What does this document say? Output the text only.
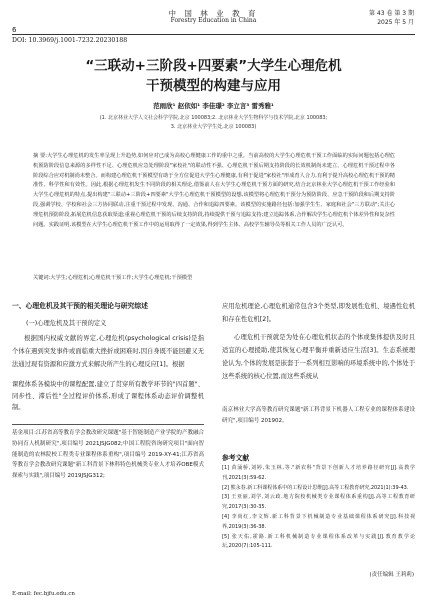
6
中 国 林 业 教 育
Forestry Education in China
第 43 卷 第 3 期
2025 年 5 月
DOI: 10.3969/j.1001-7232.20230188
“三联动+三阶段+四要素”大学生心理危机
干预模型的构建与应用
范雨欣¹ 赵依如¹ 李佳璟² 李立言³ 雷秀雅¹
(1. 北京林业大学人文社会科学学院,北京 100083;2. 北京林业大学生物科学与技术学院,北京 100083;
3. 北京林业大学学生处,北京 100083)
摘 要:大学生心理危机的发生率呈现上升趋势,如何应对已成为高校心理健康工作的重中之重。当前高校的大学生心理危机干预工作面临的实际问题包括心理危机预防阶段信息来源的多样性不足、心理危机应急处理阶段"家校社"的联动性不强、心理危机干预后期支持阶段的长效机制尚未建立、心理危机干预过程中各阶段综合应对机制尚未整合。而构建心理危机干预模型有助于全方位促进大学生心理健康,有利于促进"家校社"形成育人合力,有利于提升高校心理危机干预的精准性、科学性和有效性。因此,根据心理危机发生不同阶段的相关理论,借鉴前人在大学生心理危机干预方面的研究,结合北京林业大学心理危机干预工作经验和大学生心理危机的特点,提出构建"三联动+三阶段+四要素"大学生心理危机干预模型的设想,该模型将心理危机干预分为预防阶段、应急干预阶段和后期支持阶段,强调学校、学校和社会三方协同联动,注重干预过程中发现、沟通、合作和追踪四要素。该模型的实施路径包括:加强学生生、家庭和社会"三方联动";关注心理危机预防阶段,拓展危机信息获取渠道;重视心理危机干预的后续支持阶段,持续提供干预与追踪支持;建立追踪体系,合作解决学生心理危机个体差异性和复杂性问题。实践证明,该模型在大学生心理危机干预工作中的运用取得了一定效果,得到学生主体、高校学生辅导员等相关工作人员的广泛认可。
关键词:大学生;心理危机;心理危机干预工作;大学生心理危机;干预模型
一、心理危机及其干预的相关理论与研究综述
(一)心理危机及其干预的定义
根据国内权威文献的界定,心理危机(psychological crisis)是指个体在遇到突发事件或面临重大挫折或困难时,因自身既不能回避又无法通过现有资源和应激方式来解决所产生的心理反应[1]。根据
应用危机理论,心理危机通常包含3个类型,即发展性危机、境遇性危机和存在性危机[2]。
心理危机干预就是为处在心理危机状态的个体或集体提供及时且适宜的心理援助,使其恢复心理平衡并重新适应生活[3]。生态系统理论认为,个体的发展是嵌套于一系列相互影响的环境系统中的,个体处于这些系统的核心位置,而这些系统从
课程体系各模块中的课程配置,建立了贯穿所有教学环节的"四首题"、同步性、滞后性"全过程评价体系,形成了课程体系动态评价调整机制。
基金项目:江苏省高等教育学会教改研究课题"基于智能制造产业学院的产教融合协同育人机制研究",项目编号 2021JSJG082;中国工程院咨询研究项目"面向智能制造的农林院校工程类专业课程体系重构",项目编号 2019-XY-41;江苏省高等教育学会教改研究课题"新工科背景下林科特色机械类专业人才培养OBE模式探索与实践",项目编号 2019JSJG312;
E-mail: fec.bjfu.edu.cn
南京林业大学高等教育研究课题"新工科背景下机器人工程专业的课程体系建设研究",项目编号 201902。
参考文献

[1] 苗涌桥,刘婷,朱玉林,等."新农科"背景下创新人才培养路径研究[J].高教学刊,2021(3):59-62.

[2] 熊永春.新工科课程体系中的工程设计思维[J].高等工程教育研究,2021(1):39-43.

[3] 王亚丽,刘学,刘云政.地方院校机械类专业课程体系重构[J].高等工程教育研究,2017(3):30-35.

[4] 李尚红,李文辉.新工科背景下机械制造专业基础课程体系研究[J].科技视界,2019(3):36-38.

[5] 张天佑,霍路.新工科机械制造专业课程体系改革与实践[J].教育教学论坛,2020(7):105-111.

(责任编辑 王莉莉)
